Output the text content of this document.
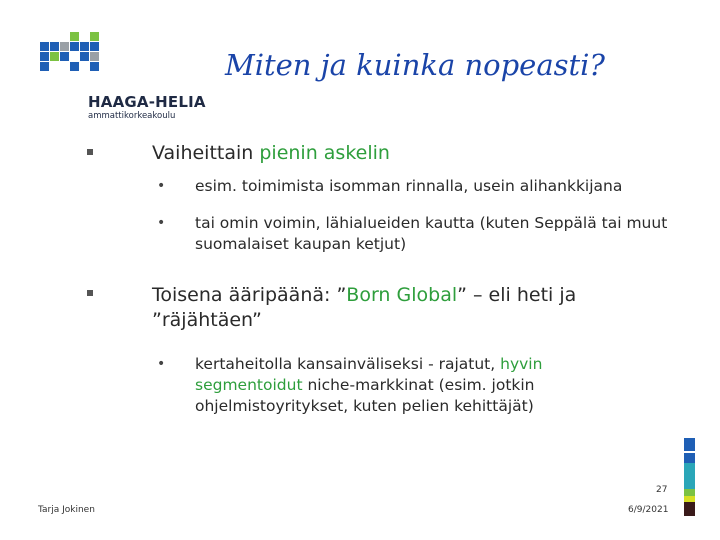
HAAGA-HELIA
ammattikorkeakoulu
Miten ja kuinka nopeasti?
Vaiheittain pienin askelin
• esim. toimimista isomman rinnalla, usein alihankkijana
• tai omin voimin, lähialueiden kautta (kuten Seppälä tai muut suomalaiset kaupan ketjut)
Toisena ääripäänä: ”Born Global” – eli heti ja ”räjähtäen”
• kertaheitolla kansainväliseksi - rajatut, hyvin segmentoidut niche-markkinat (esim. jotkin ohjelmistoyritykset, kuten pelien kehittäjät)
Tarja Jokinen
27
6/9/2021
